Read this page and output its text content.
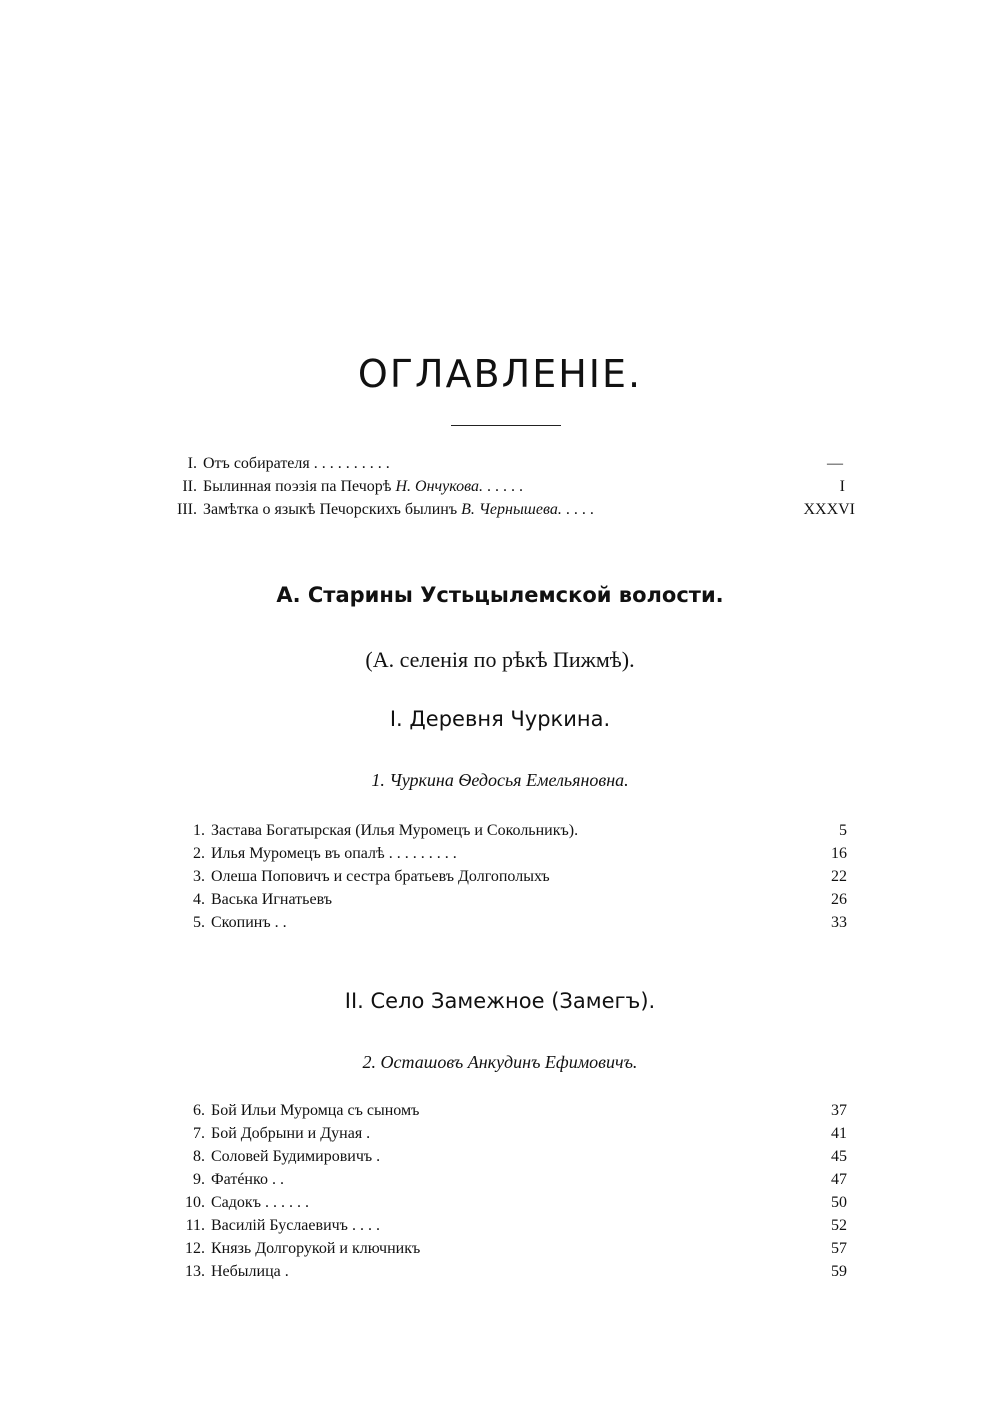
ОГЛАВЛЕНІЕ.
I. Отъ собирателя . . . . . . . . . .	—
II. Былинная поэзія па Печорѣ Н. Ончукова. . . . . .	I
III. Замѣтка о языкѣ Печорскихъ былинъ В. Чернышева. . . . .	XXXVI
А. Старины Устьцылемской волости.
(А. селенія по рѣкѣ Пижмѣ).
I. Деревня Чуркина.
1. Чуркина Ѳедосья Емельяновна.
1. Застава Богатырская (Илья Муромецъ и Сокольникъ).	5
2. Илья Муромецъ въ опалѣ . . . . . . . . .	16
3. Олеша Поповичъ и сестра братьевъ Долгополыхъ	22
4. Васька Игнатьевъ	26
5. Скопинъ . .	33
II. Село Замежное (Замегъ).
2. Осташовъ Анкудинъ Ефимовичъ.
6. Бой Ильи Муромца съ сыномъ	37
7. Бой Добрыни и Дуная .	41
8. Соловей Будимировичъ .	45
9. Фатéнко . .	47
10. Садокъ . . . . . .	50
11. Василій Буслаевичъ . . . .	52
12. Князь Долгорукой и ключникъ	57
13. Небылица .	59
